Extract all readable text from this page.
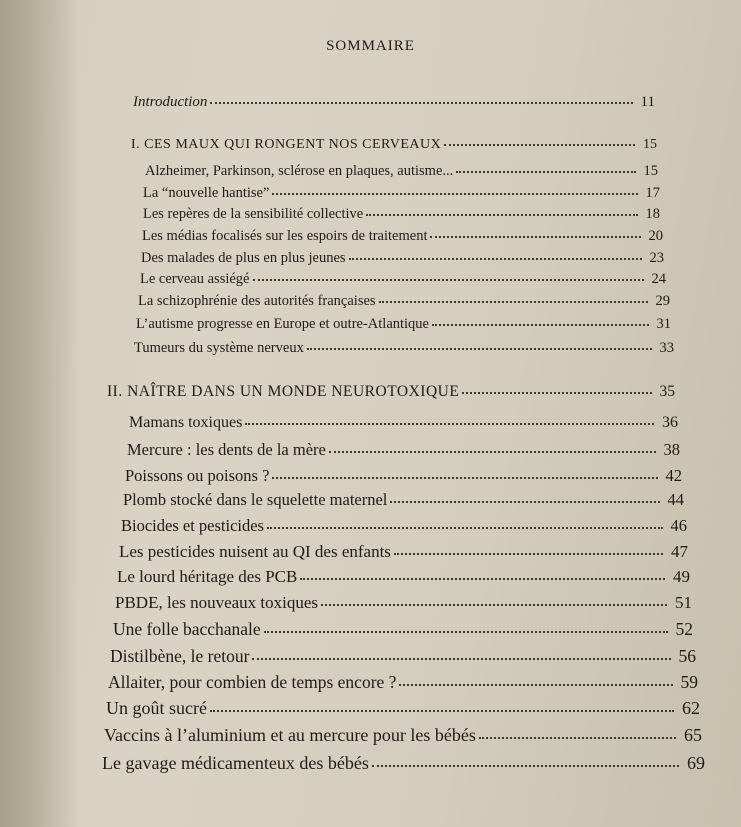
SOMMAIRE
Introduction	11
I. CES MAUX QUI RONGENT NOS CERVEAUX	15
Alzheimer, Parkinson, sclérose en plaques, autisme...	15
La “nouvelle hantise”	17
Les repères de la sensibilité collective	18
Les médias focalisés sur les espoirs de traitement	20
Des malades de plus en plus jeunes	23
Le cerveau assiégé	24
La schizophrénie des autorités françaises	29
L’autisme progresse en Europe et outre-Atlantique	31
Tumeurs du système nerveux	33
II. NAÎTRE DANS UN MONDE NEUROTOXIQUE	35
Mamans toxiques	36
Mercure : les dents de la mère	38
Poissons ou poisons ?	42
Plomb stocké dans le squelette maternel	44
Biocides et pesticides	46
Les pesticides nuisent au QI des enfants	47
Le lourd héritage des PCB	49
PBDE, les nouveaux toxiques	51
Une folle bacchanale	52
Distilbène, le retour	56
Allaiter, pour combien de temps encore ?	59
Un goût sucré	62
Vaccins à l’aluminium et au mercure pour les bébés	65
Le gavage médicamenteux des bébés	69
